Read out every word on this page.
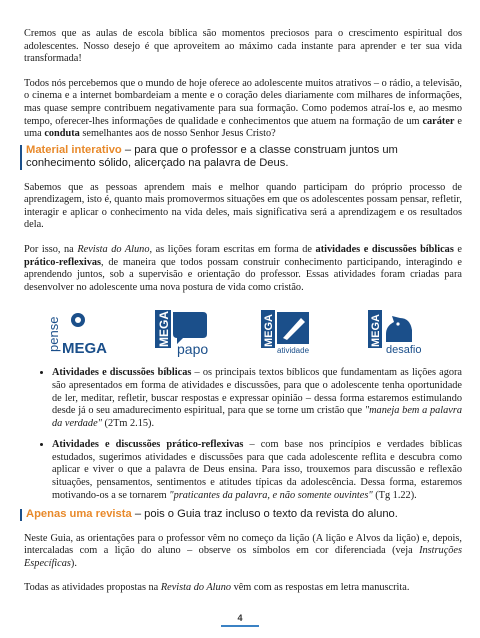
Cremos que as aulas de escola bíblica são momentos preciosos para o crescimento espiritual dos adolescentes. Nosso desejo é que aproveitem ao máximo cada instante para aprender e ter sua vida transformada!

Todos nós percebemos que o mundo de hoje oferece ao adolescente muitos atrativos – o rádio, a televisão, o cinema e a internet bombardeiam a mente e o coração deles diariamente com milhares de informações, mas quase sempre contribuem negativamente para sua formação. Como podemos atraí-los e, ao mesmo tempo, oferecer-lhes informações de qualidade e conhecimentos que atuem na formação de um caráter e uma conduta semelhantes aos de nosso Senhor Jesus Cristo?

Material interativo – para que o professor e a classe construam juntos um conhecimento sólido, alicerçado na palavra de Deus.

Sabemos que as pessoas aprendem mais e melhor quando participam do próprio processo de aprendizagem, isto é, quanto mais promovermos situações em que os adolescentes possam pensar, refletir, interagir e aplicar o conhecimento na vida deles, mais significativa será a aprendizagem e os resultados dela.

Por isso, na Revista do Aluno, as lições foram escritas em forma de atividades e discussões bíblicas e prático-reflexivas, de maneira que todos possam construir conhecimento participando, interagindo e aprendendo juntos, sob a supervisão e orientação do professor. Essas atividades foram criadas para desenvolver no adolescente uma nova postura de vida como cristão.

pense MEGA
MEGA
papo
MEGA
atividade
MEGA
desafio
• Atividades e discussões bíblicas – os principais textos bíblicos que fundamentam as lições agora são apresentados em forma de atividades e discussões, para que o adolescente tenha oportunidade de ler, meditar, refletir, buscar respostas e expressar opinião – dessa forma estaremos estimulando desde já o seu amadurecimento espiritual, para que se torne um cristão que "maneja bem a palavra da verdade" (2Tm 2.15).
• Atividades e discussões prático-reflexivas – com base nos princípios e verdades bíblicas estudados, sugerimos atividades e discussões para que cada adolescente reflita e descubra como aplicar e viver o que a palavra de Deus ensina. Para isso, trouxemos para discussão e reflexão situações, pensamentos, sentimentos e atitudes típicas da adolescência. Dessa forma, estaremos motivando-os a se tornarem "praticantes da palavra, e não somente ouvintes" (Tg 1.22).
Apenas uma revista – pois o Guia traz incluso o texto da revista do aluno.

Neste Guia, as orientações para o professor vêm no começo da lição (A lição e Alvos da lição) e, depois, intercaladas com a lição do aluno – observe os símbolos em cor diferenciada (veja Instruções Específicas).

Todas as atividades propostas na Revista do Aluno vêm com as respostas em letra manuscrita.

4
